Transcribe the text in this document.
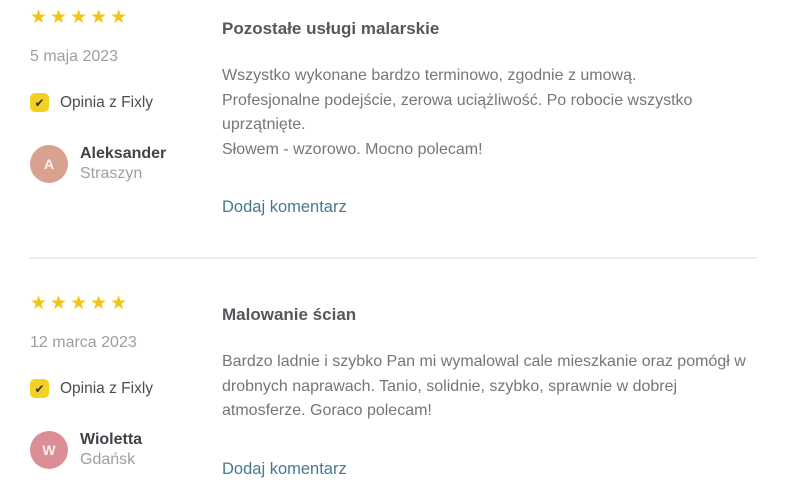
★★★★★
5 maja 2023
✔ Opinia z Fixly
A
Aleksander
Straszyn
Pozostałe usługi malarskie

Wszystko wykonane bardzo terminowo, zgodnie z umową.

Profesjonalne podejście, zerowa uciążliwość. Po robocie wszystko uprzątnięte.

Słowem - wzorowo. Mocno polecam!

Dodaj komentarz
★★★★★
12 marca 2023
✔ Opinia z Fixly
W
Wioletta
Gdańsk
Malowanie ścian

Bardzo ladnie i szybko Pan mi wymalowal cale mieszkanie oraz pomógł w drobnych naprawach. Tanio, solidnie, szybko, sprawnie w dobrej atmosferze. Goraco polecam!

Dodaj komentarz
